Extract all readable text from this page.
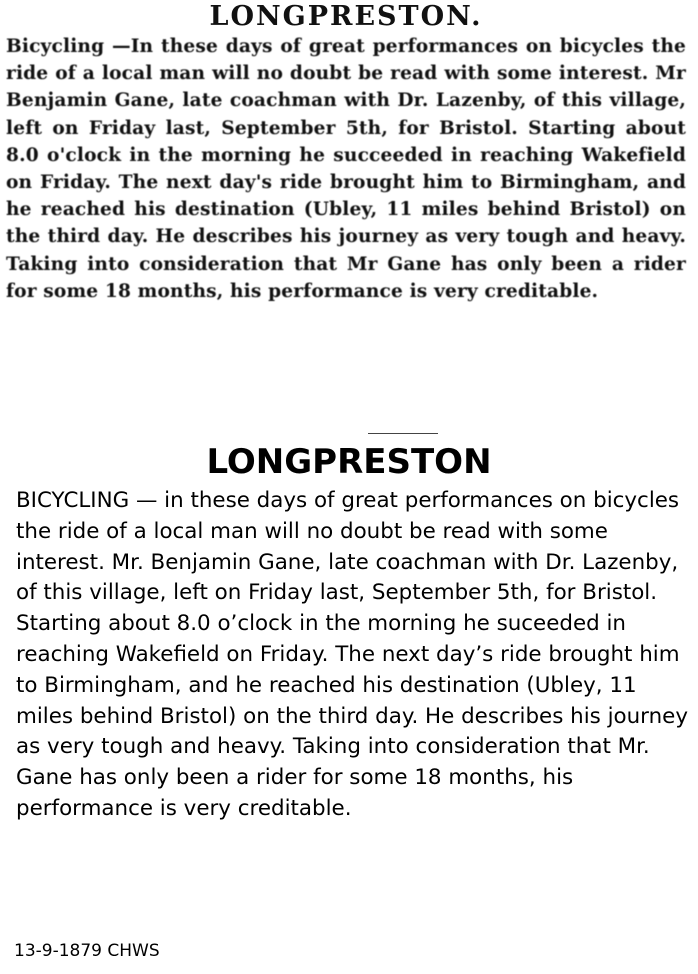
LONGPRESTON.
Bicycling —In these days of great performances on bicycles the ride of a local man will no doubt be read with some interest. Mr Benjamin Gane, late coachman with Dr. Lazenby, of this village, left on Friday last, September 5th, for Bristol. Starting about 8.0 o'clock in the morning he succeeded in reaching Wakefield on Friday. The next day's ride brought him to Birmingham, and he reached his destination (Ubley, 11 miles behind Bristol) on the third day. He describes his journey as very tough and heavy. Taking into consideration that Mr Gane has only been a rider for some 18 months, his performance is very creditable.
LONGPRESTON
BICYCLING — in these days of great performances on bicycles the ride of a local man will no doubt be read with some interest. Mr. Benjamin Gane, late coachman with Dr. Lazenby, of this village, left on Friday last, September 5th, for Bristol. Starting about 8.0 o’clock in the morning he suceeded in reaching Wakefield on Friday. The next day’s ride brought him to Birmingham, and he reached his destination (Ubley, 11 miles behind Bristol) on the third day. He describes his journey as very tough and heavy. Taking into consideration that Mr. Gane has only been a rider for some 18 months, his performance is very creditable.
13-9-1879 CHWS
